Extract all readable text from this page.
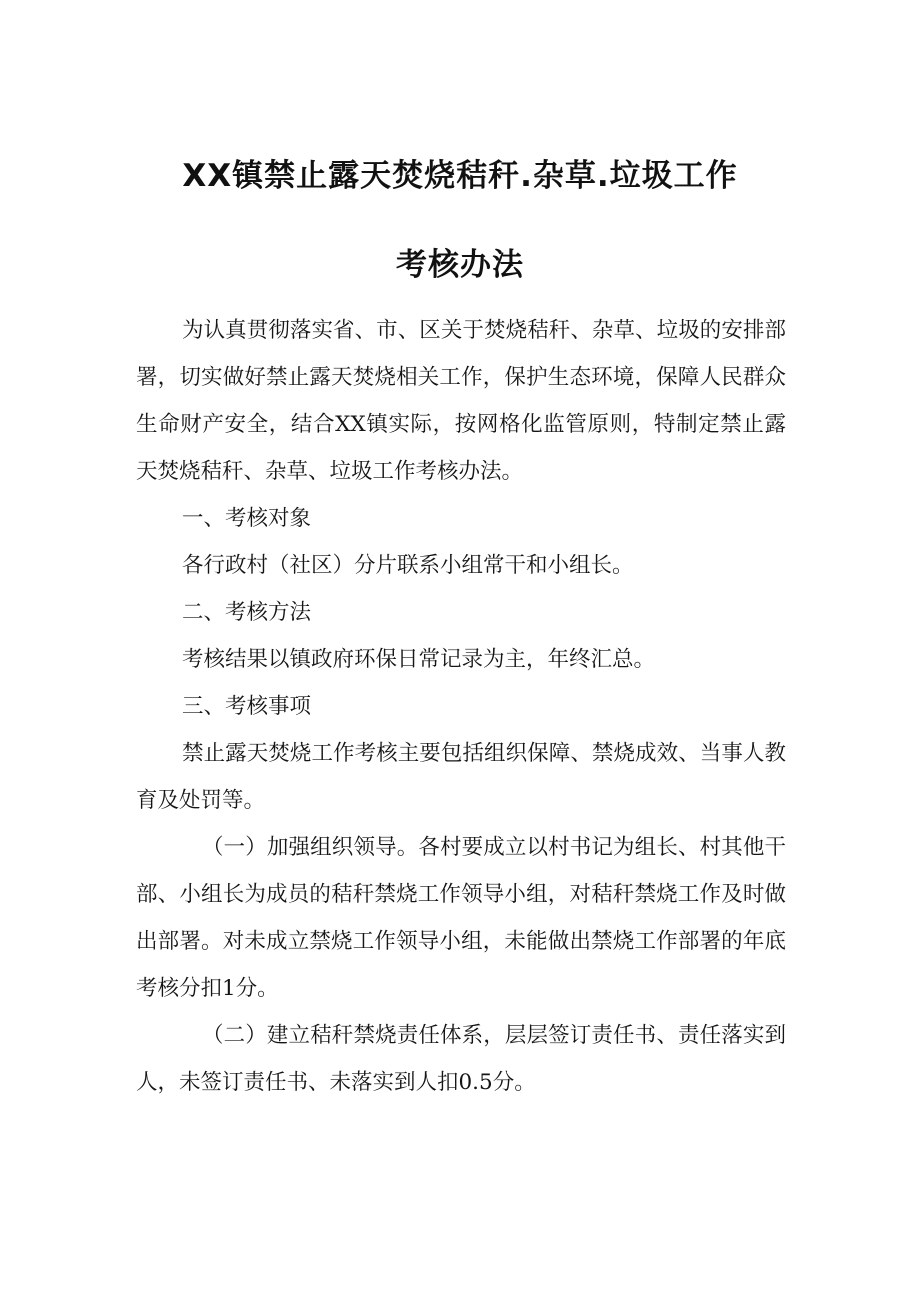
XX镇禁止露天焚烧秸秆.杂草.垃圾工作
考核办法

为认真贯彻落实省、市、区关于焚烧秸秆、杂草、垃圾的安排部署，切实做好禁止露天焚烧相关工作，保护生态环境，保障人民群众生命财产安全，结合XX镇实际，按网格化监管原则，特制定禁止露天焚烧秸秆、杂草、垃圾工作考核办法。

一、考核对象

各行政村（社区）分片联系小组常干和小组长。

二、考核方法

考核结果以镇政府环保日常记录为主，年终汇总。

三、考核事项

禁止露天焚烧工作考核主要包括组织保障、禁烧成效、当事人教育及处罚等。

（一）加强组织领导。各村要成立以村书记为组长、村其他干部、小组长为成员的秸秆禁烧工作领导小组，对秸秆禁烧工作及时做出部署。对未成立禁烧工作领导小组，未能做出禁烧工作部署的年底考核分扣1分。

（二）建立秸秆禁烧责任体系，层层签订责任书、责任落实到人，未签订责任书、未落实到人扣0.5分。
